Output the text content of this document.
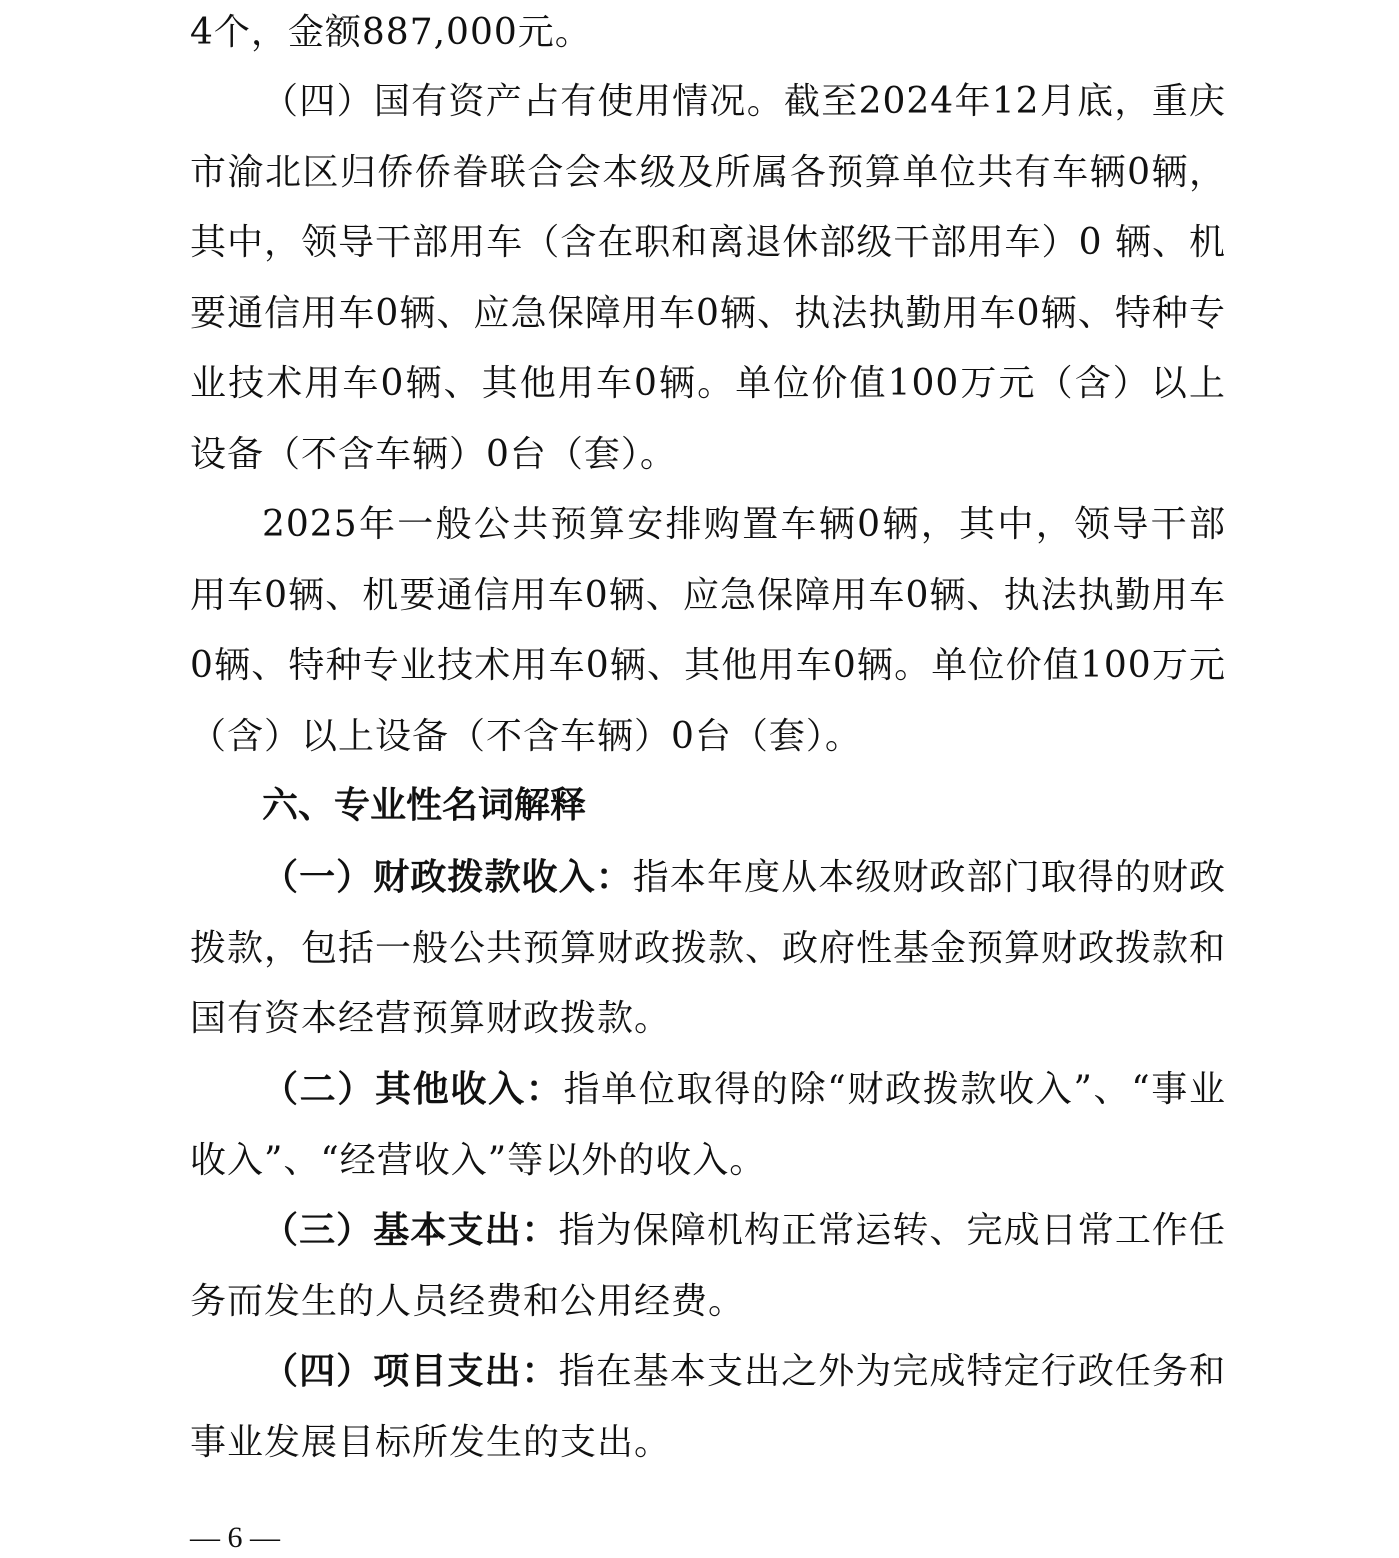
4个，金额887,000元。

（四）国有资产占有使用情况。截至2024年12月底，重庆市渝北区归侨侨眷联合会本级及所属各预算单位共有车辆0辆，其中，领导干部用车（含在职和离退休部级干部用车）0 辆、机要通信用车0辆、应急保障用车0辆、执法执勤用车0辆、特种专业技术用车0辆、其他用车0辆。单位价值100万元（含）以上设备（不含车辆）0台（套）。

2025年一般公共预算安排购置车辆0辆，其中，领导干部用车0辆、机要通信用车0辆、应急保障用车0辆、执法执勤用车0辆、特种专业技术用车0辆、其他用车0辆。单位价值100万元（含）以上设备（不含车辆）0台（套）。

六、专业性名词解释

（一）财政拨款收入：指本年度从本级财政部门取得的财政拨款，包括一般公共预算财政拨款、政府性基金预算财政拨款和国有资本经营预算财政拨款。

（二）其他收入：指单位取得的除“财政拨款收入”、“事业收入”、“经营收入”等以外的收入。

（三）基本支出：指为保障机构正常运转、完成日常工作任务而发生的人员经费和公用经费。

（四）项目支出：指在基本支出之外为完成特定行政任务和事业发展目标所发生的支出。

— 6 —
